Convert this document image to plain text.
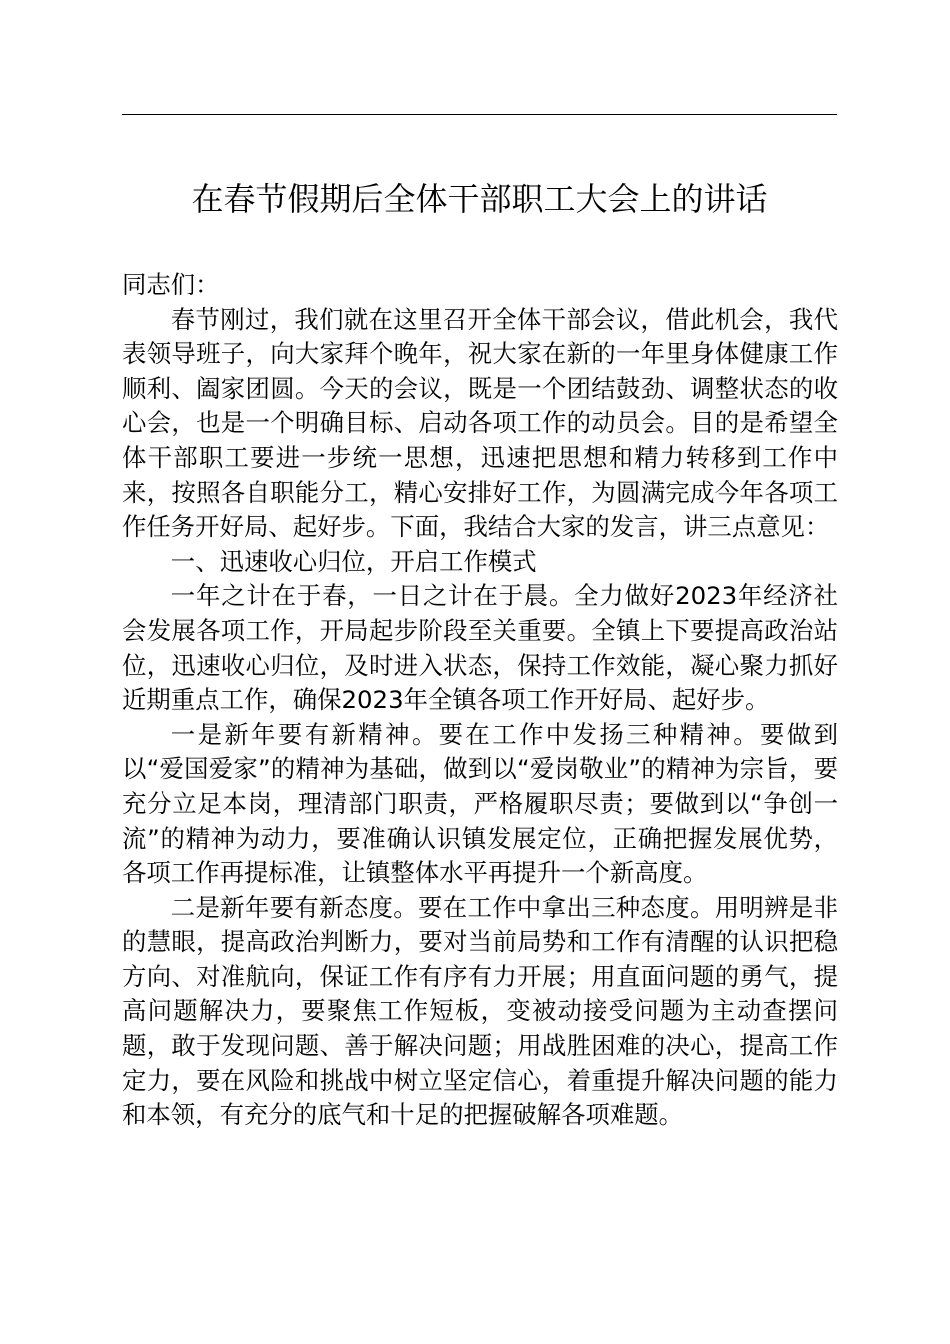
在春节假期后全体干部职工大会上的讲话

同志们：

春节刚过，我们就在这里召开全体干部会议，借此机会，我代表领导班子，向大家拜个晚年，祝大家在新的一年里身体健康工作顺利、阖家团圆。今天的会议，既是一个团结鼓劲、调整状态的收心会，也是一个明确目标、启动各项工作的动员会。目的是希望全体干部职工要进一步统一思想，迅速把思想和精力转移到工作中来，按照各自职能分工，精心安排好工作，为圆满完成今年各项工作任务开好局、起好步。下面，我结合大家的发言，讲三点意见：

一、迅速收心归位，开启工作模式

一年之计在于春，一日之计在于晨。全力做好2023年经济社会发展各项工作，开局起步阶段至关重要。全镇上下要提高政治站位，迅速收心归位，及时进入状态，保持工作效能，凝心聚力抓好近期重点工作，确保2023年全镇各项工作开好局、起好步。

一是新年要有新精神。要在工作中发扬三种精神。要做到以“爱国爱家”的精神为基础，做到以“爱岗敬业”的精神为宗旨，要充分立足本岗，理清部门职责，严格履职尽责；要做到以“争创一流”的精神为动力，要准确认识镇发展定位，正确把握发展优势，各项工作再提标准，让镇整体水平再提升一个新高度。

二是新年要有新态度。要在工作中拿出三种态度。用明辨是非的慧眼，提高政治判断力，要对当前局势和工作有清醒的认识把稳方向、对准航向，保证工作有序有力开展；用直面问题的勇气，提高问题解决力，要聚焦工作短板，变被动接受问题为主动查摆问题，敢于发现问题、善于解决问题；用战胜困难的决心，提高工作定力，要在风险和挑战中树立坚定信心，着重提升解决问题的能力和本领，有充分的底气和十足的把握破解各项难题。
